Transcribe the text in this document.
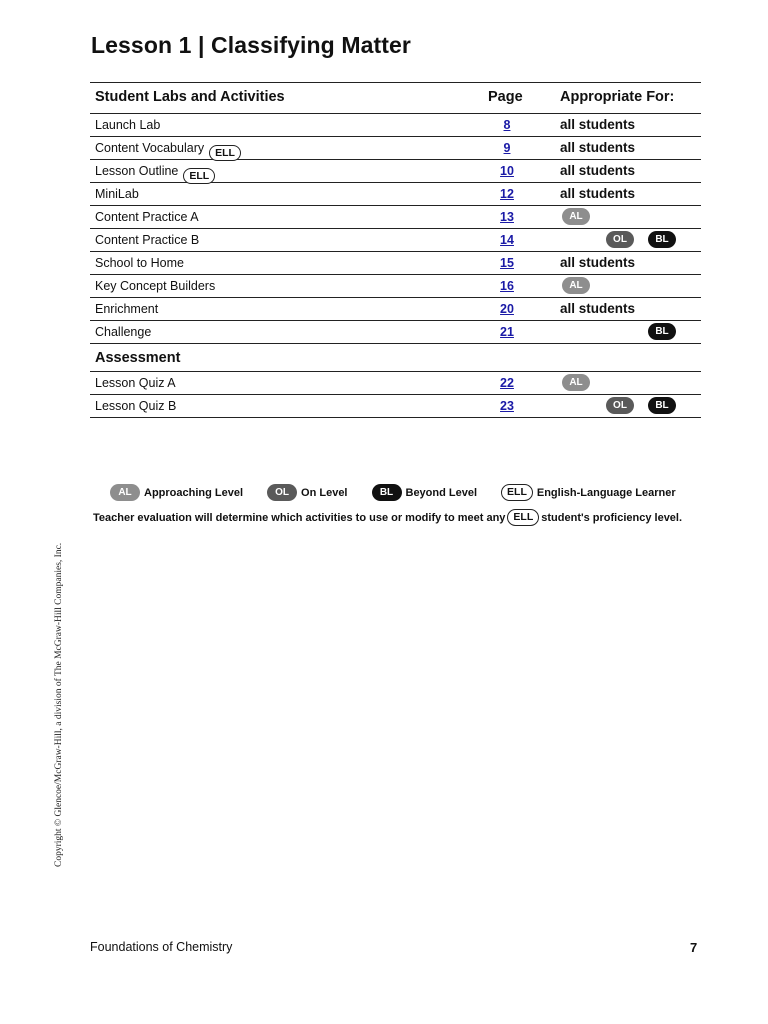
Lesson 1 | Classifying Matter
Student Labs and Activities	Page	Appropriate For:
Launch Lab	8	all students
Content Vocabulary ELL	9	all students
Lesson Outline ELL	10	all students
MiniLab	12	all students
Content Practice A	13	AL
Content Practice B	14	OL	BL
School to Home	15	all students
Key Concept Builders	16	AL
Enrichment	20	all students
Challenge	21	BL
Assessment
Lesson Quiz A	22	AL
Lesson Quiz B	23	OL	BL
AL	Approaching Level	OL	On Level	BL	Beyond Level	ELL English-Language Learner
Teacher evaluation will determine which activities to use or modify to meet any ELL student's proficiency level.
Copyright © Glencoe/McGraw-Hill, a division of The McGraw-Hill Companies, Inc.
Foundations of Chemistry	7
